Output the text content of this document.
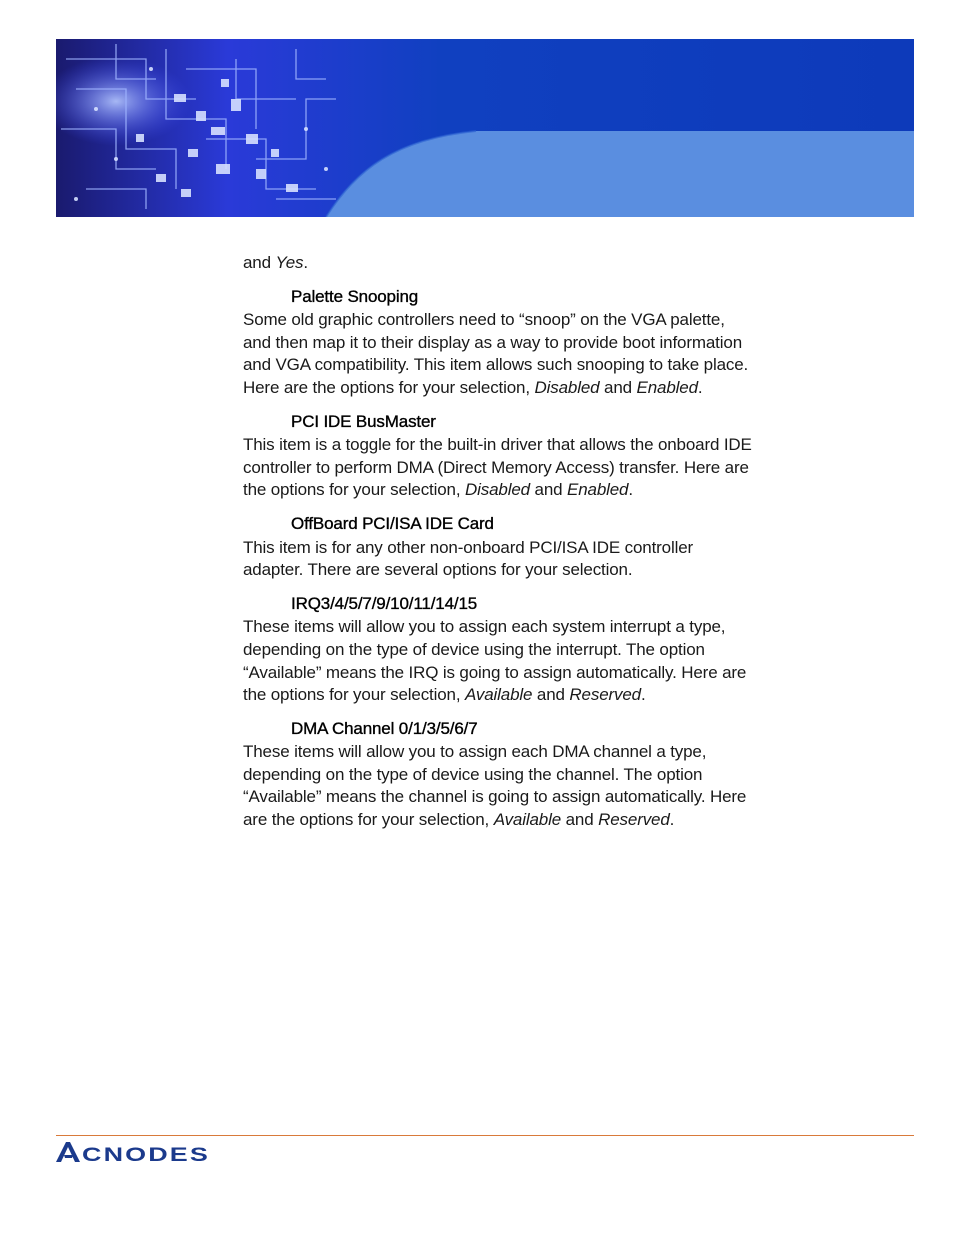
and Yes.

Palette Snooping

Some old graphic controllers need to “snoop” on the VGA palette, and then map it to their display as a way to provide boot information and VGA compatibility. This item allows such snooping to take place. Here are the options for your selection, Disabled and Enabled.

PCI IDE BusMaster

This item is a toggle for the built-in driver that allows the onboard IDE controller to perform DMA (Direct Memory Access) transfer. Here are the options for your selection, Disabled and Enabled.

OffBoard PCI/ISA IDE Card

This item is for any other non-onboard PCI/ISA IDE controller adapter. There are several options for your selection.

IRQ3/4/5/7/9/10/11/14/15

These items will allow you to assign each system interrupt a type, depending on the type of device using the interrupt. The option “Available” means the IRQ is going to assign automatically. Here are the options for your selection, Available and Reserved.

DMA Channel 0/1/3/5/6/7

These items will allow you to assign each DMA channel a type, depending on the type of device using the channel. The option “Available” means the channel is going to assign automatically. Here are the options for your selection, Available and Reserved.

CNODES
